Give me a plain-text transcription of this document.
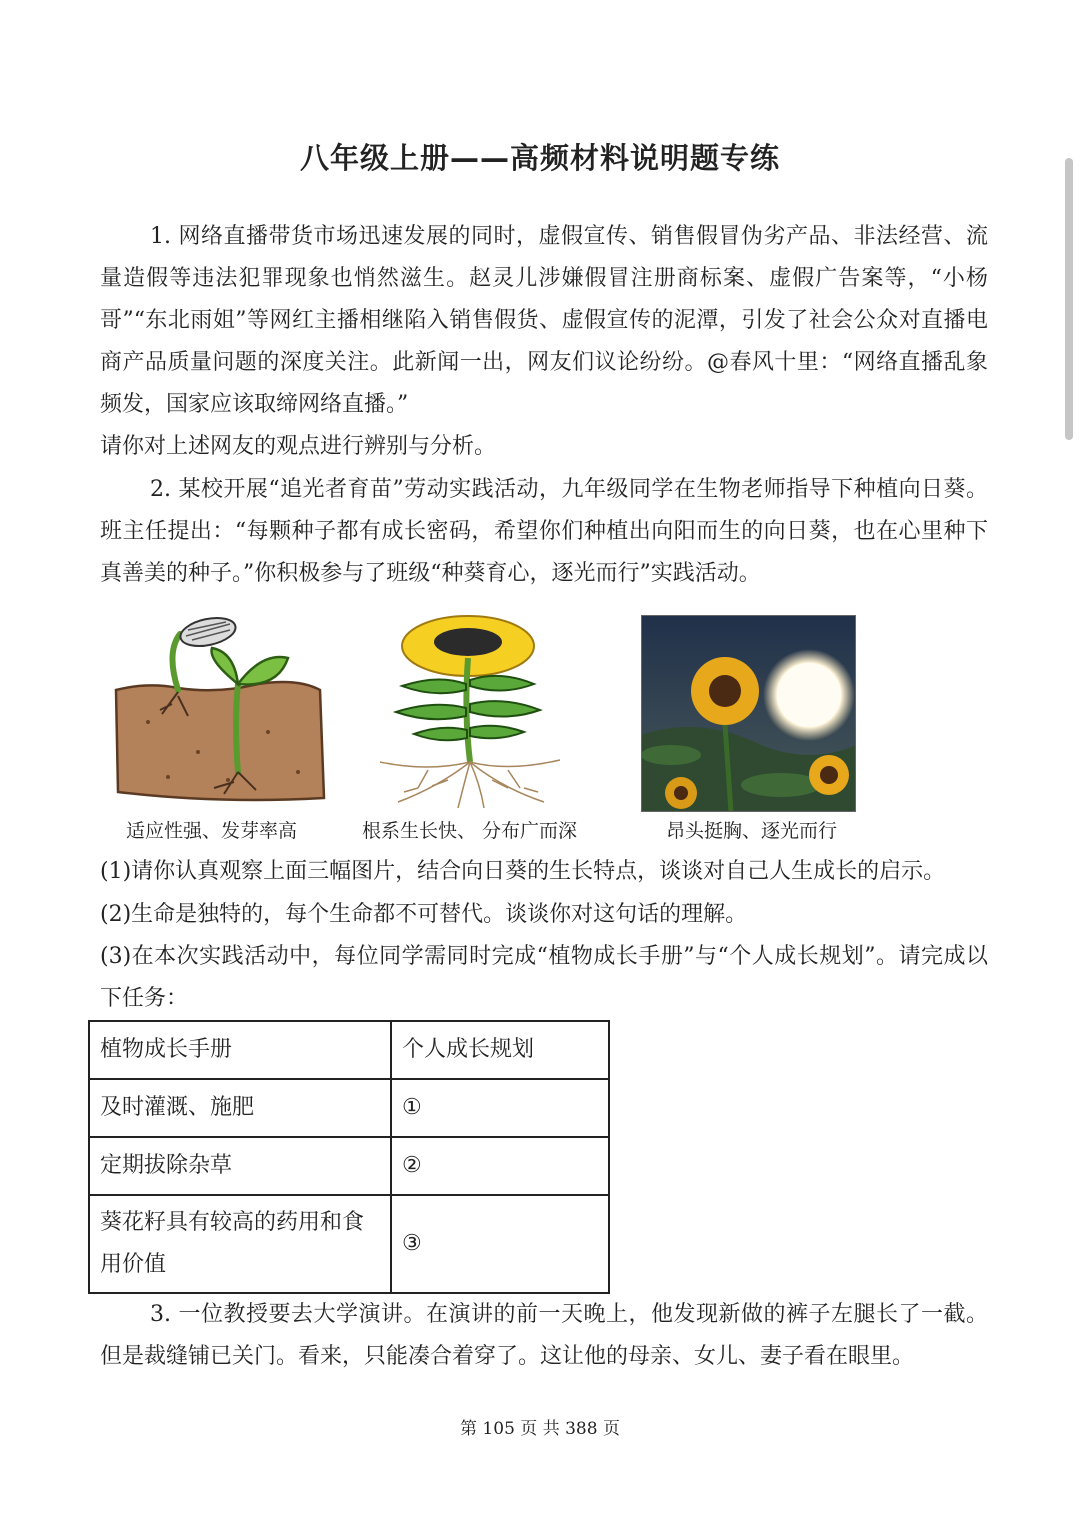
八年级上册——高频材料说明题专练

1. 网络直播带货市场迅速发展的同时，虚假宣传、销售假冒伪劣产品、非法经营、流量造假等违法犯罪现象也悄然滋生。赵灵儿涉嫌假冒注册商标案、虚假广告案等，“小杨哥”“东北雨姐”等网红主播相继陷入销售假货、虚假宣传的泥潭，引发了社会公众对直播电商产品质量问题的深度关注。此新闻一出，网友们议论纷纷。@春风十里：“网络直播乱象频发，国家应该取缔网络直播。”

请你对上述网友的观点进行辨别与分析。

2. 某校开展“追光者育苗”劳动实践活动，九年级同学在生物老师指导下种植向日葵。班主任提出：“每颗种子都有成长密码，希望你们种植出向阳而生的向日葵，也在心里种下真善美的种子。”你积极参与了班级“种葵育心，逐光而行”实践活动。

适应性强、发芽率高	根系生长快、 分布广而深	昂头挺胸、逐光而行

(1)请你认真观察上面三幅图片，结合向日葵的生长特点，谈谈对自己人生成长的启示。

(2)生命是独特的，每个生命都不可替代。谈谈你对这句话的理解。

(3)在本次实践活动中，每位同学需同时完成“植物成长手册”与“个人成长规划”。请完成以下任务：

植物成长手册	个人成长规划
及时灌溉、施肥	①
定期拔除杂草	②
葵花籽具有较高的药用和食用价值	③

3. 一位教授要去大学演讲。在演讲的前一天晚上，他发现新做的裤子左腿长了一截。但是裁缝铺已关门。看来，只能凑合着穿了。这让他的母亲、女儿、妻子看在眼里。

第 105 页 共 388 页
